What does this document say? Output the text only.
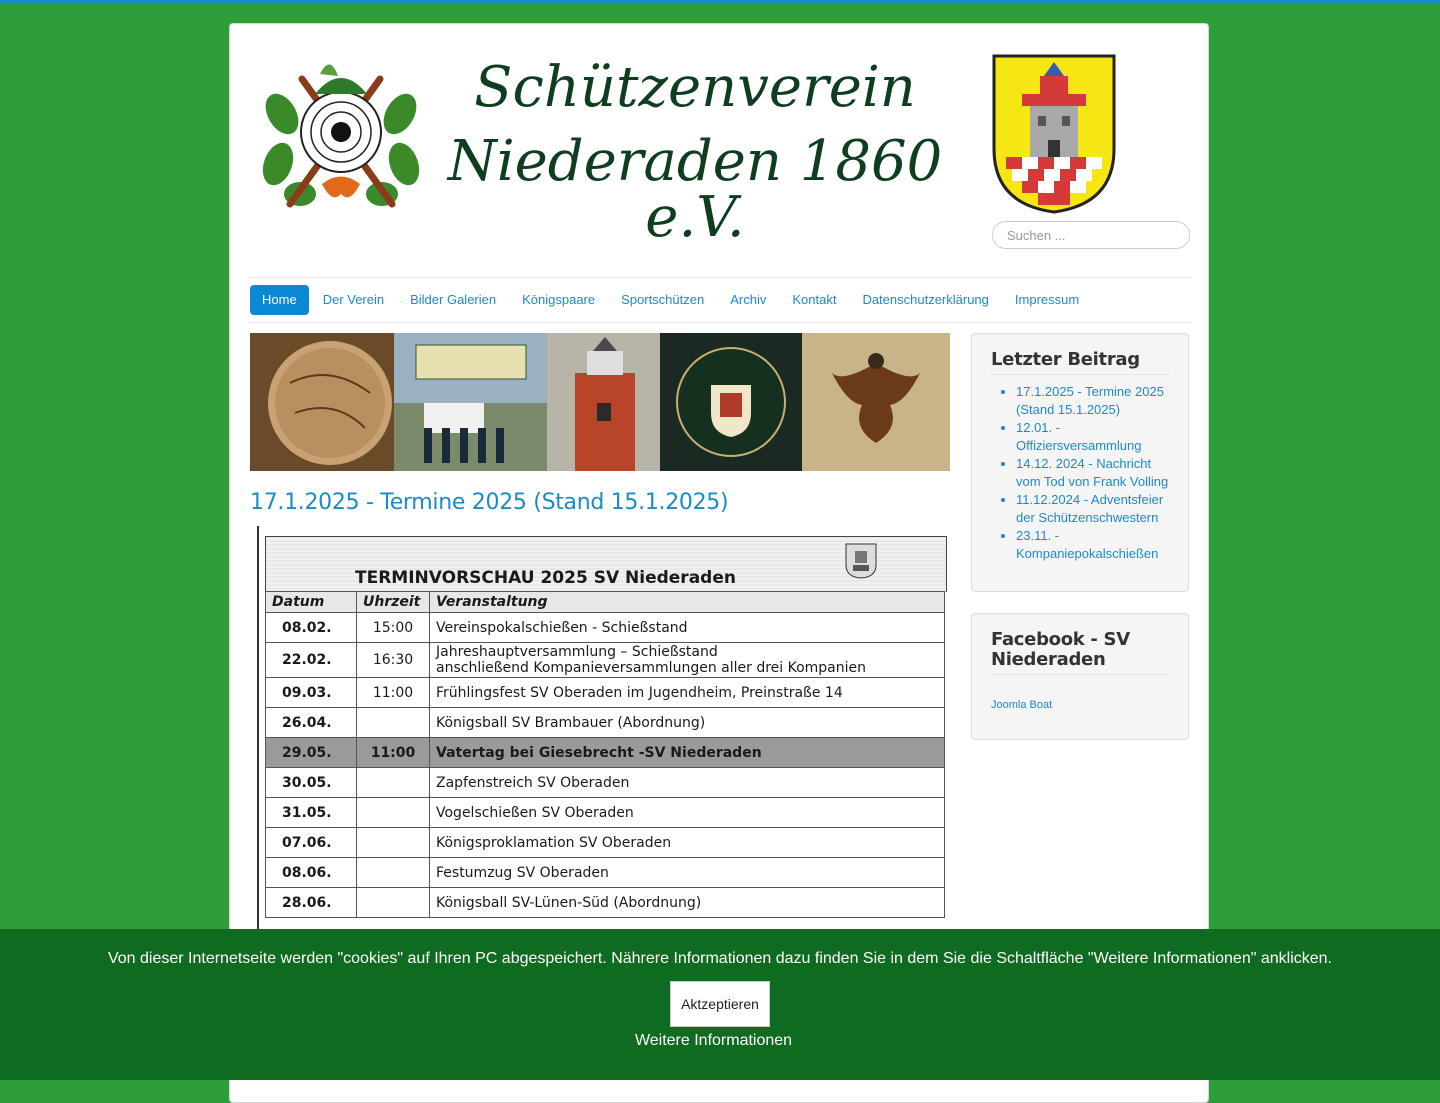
Schützenverein
Niederaden 1860 e.V.
Suchen ...
Home	Der Verein	Bilder Galerien	Königspaare	Sportschützen	Archiv	Kontakt	Datenschutzerklärung	Impressum
17.1.2025 - Termine 2025 (Stand 15.1.2025)
TERMINVORSCHAU 2025 SV Niederaden
Datum	Uhrzeit	Veranstaltung
08.02.	15:00	Vereinspokalschießen - Schießstand
22.02.	16:30	Jahreshauptversammlung – Schießstand
anschließend Kompanieversammlungen aller drei Kompanien

09.03.	11:00	Frühlingsfest SV Oberaden im Jugendheim, Preinstraße 14
26.04.		Königsball SV Brambauer (Abordnung)
29.05.	11:00	Vatertag bei Giesebrecht -SV Niederaden
30.05.		Zapfenstreich SV Oberaden
31.05.		Vogelschießen SV Oberaden
07.06.		Königsproklamation SV Oberaden
08.06.		Festumzug SV Oberaden
28.06.		Königsball SV-Lünen-Süd (Abordnung)
Letzter Beitrag
• 17.1.2025 - Termine 2025 (Stand 15.1.2025)
• 12.01. - Offiziersversammlung
• 14.12. 2024 - Nachricht vom Tod von Frank Volling
• 11.12.2024 - Adventsfeier der Schützenschwestern
• 23.11. - Kompaniepokalschießen
Facebook - SV Niederaden
Joomla Boat
Von dieser Internetseite werden "cookies" auf Ihren PC abgespeichert. Nährere Informationen dazu finden Sie in dem Sie die Schaltfläche "Weitere Informationen" anklicken.
Aktzeptieren
Weitere Informationen
